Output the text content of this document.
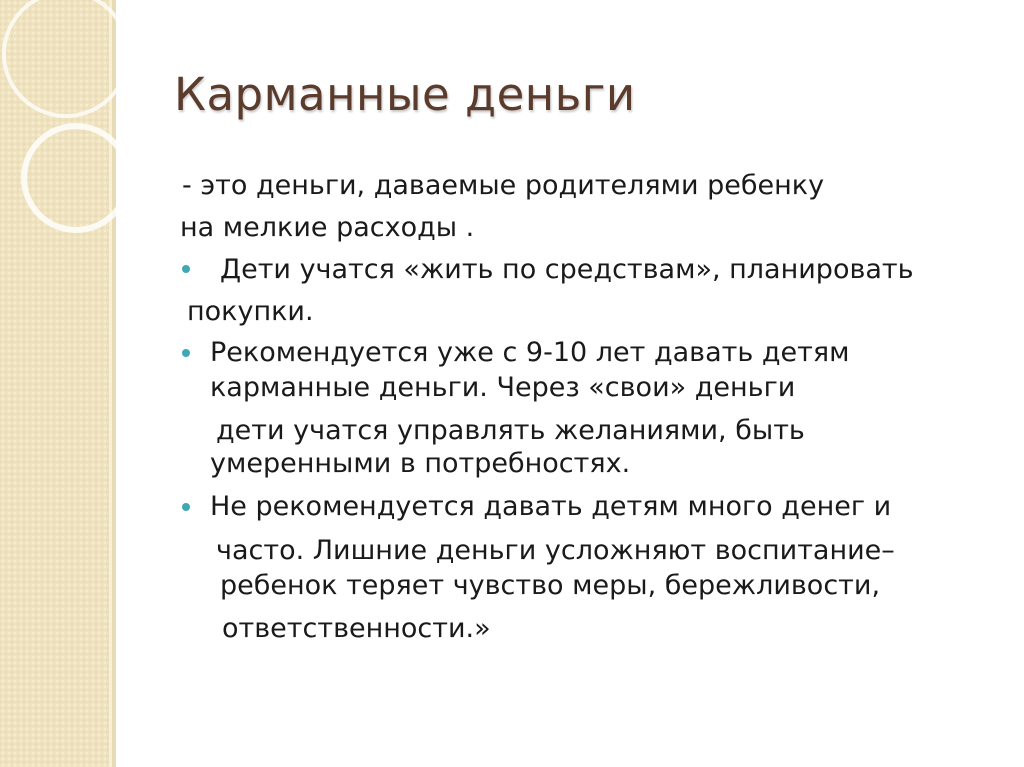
Карманные деньги

- это деньги, даваемые родителями ребенку

на мелкие расходы .

Дети учатся «жить по средствам», планировать

покупки.

Рекомендуется уже с 9-10 лет давать детям

карманные деньги. Через «свои» деньги

дети учатся управлять желаниями, быть

умеренными в потребностях.

Не рекомендуется давать детям много денег и

часто. Лишние деньги усложняют воспитание–

ребенок теряет чувство меры, бережливости,

ответственности.»
